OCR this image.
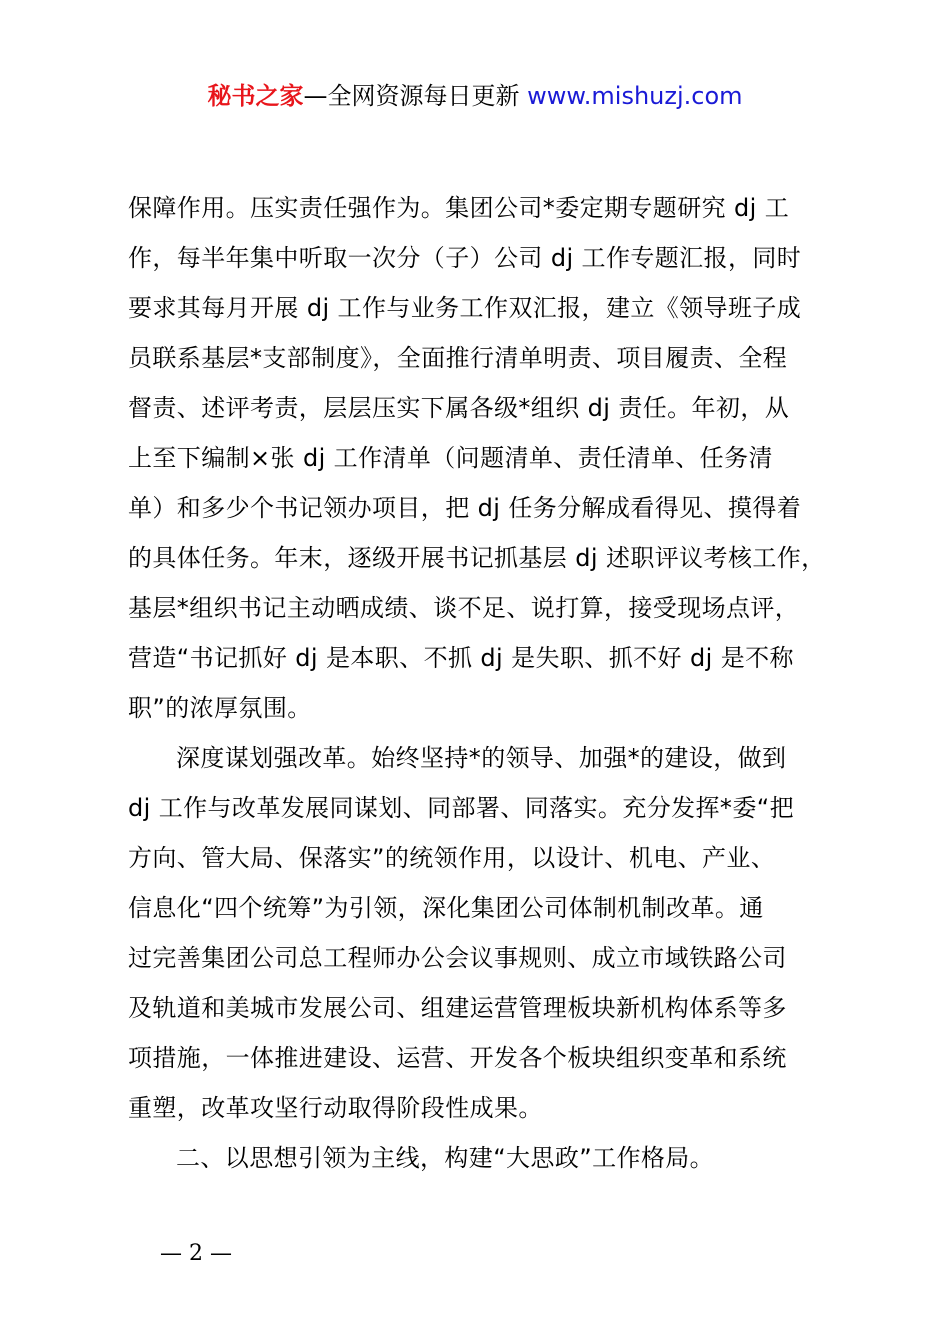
秘书之家—全网资源每日更新 www.mishuzj.com
保障作用。压实责任强作为。集团公司*委定期专题研究 dj 工
作，每半年集中听取一次分（子）公司 dj 工作专题汇报，同时
要求其每月开展 dj 工作与业务工作双汇报，建立《领导班子成
员联系基层*支部制度》，全面推行清单明责、项目履责、全程
督责、述评考责，层层压实下属各级*组织 dj 责任。年初，从
上至下编制×张 dj 工作清单（问题清单、责任清单、任务清
单）和多少个书记领办项目，把 dj 任务分解成看得见、摸得着
的具体任务。年末，逐级开展书记抓基层 dj 述职评议考核工作，
基层*组织书记主动晒成绩、谈不足、说打算，接受现场点评，
营造“书记抓好 dj 是本职、不抓 dj 是失职、抓不好 dj 是不称
职”的浓厚氛围。
深度谋划强改革。始终坚持*的领导、加强*的建设，做到
dj 工作与改革发展同谋划、同部署、同落实。充分发挥*委“把
方向、管大局、保落实”的统领作用，以设计、机电、产业、
信息化“四个统筹”为引领，深化集团公司体制机制改革。通
过完善集团公司总工程师办公会议事规则、成立市域铁路公司
及轨道和美城市发展公司、组建运营管理板块新机构体系等多
项措施，一体推进建设、运营、开发各个板块组织变革和系统
重塑，改革攻坚行动取得阶段性成果。
二、以思想引领为主线，构建“大思政”工作格局。
— 2 —
